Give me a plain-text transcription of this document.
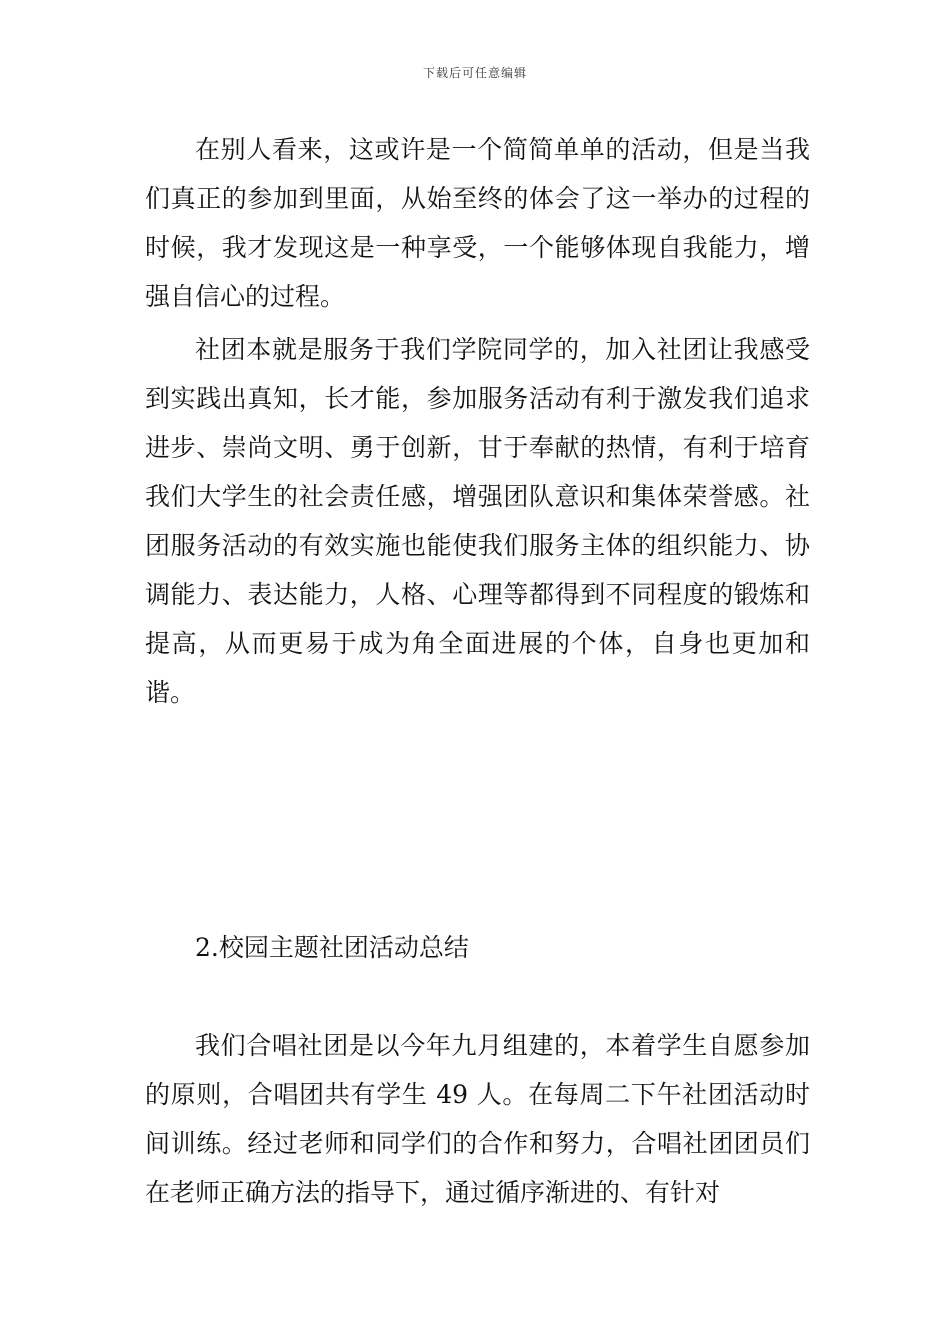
下载后可任意编辑

在别人看来，这或许是一个简简单单的活动，但是当我们真正的参加到里面，从始至终的体会了这一举办的过程的时候，我才发现这是一种享受，一个能够体现自我能力，增强自信心的过程。

社团本就是服务于我们学院同学的，加入社团让我感受到实践出真知，长才能，参加服务活动有利于激发我们追求进步、崇尚文明、勇于创新，甘于奉献的热情，有利于培育我们大学生的社会责任感，增强团队意识和集体荣誉感。社团服务活动的有效实施也能使我们服务主体的组织能力、协调能力、表达能力，人格、心理等都得到不同程度的锻炼和提高，从而更易于成为角全面进展的个体，自身也更加和谐。

2.校园主题社团活动总结

我们合唱社团是以今年九月组建的，本着学生自愿参加的原则，合唱团共有学生 49 人。在每周二下午社团活动时间训练。经过老师和同学们的合作和努力，合唱社团团员们在老师正确方法的指导下，通过循序渐进的、有针对
